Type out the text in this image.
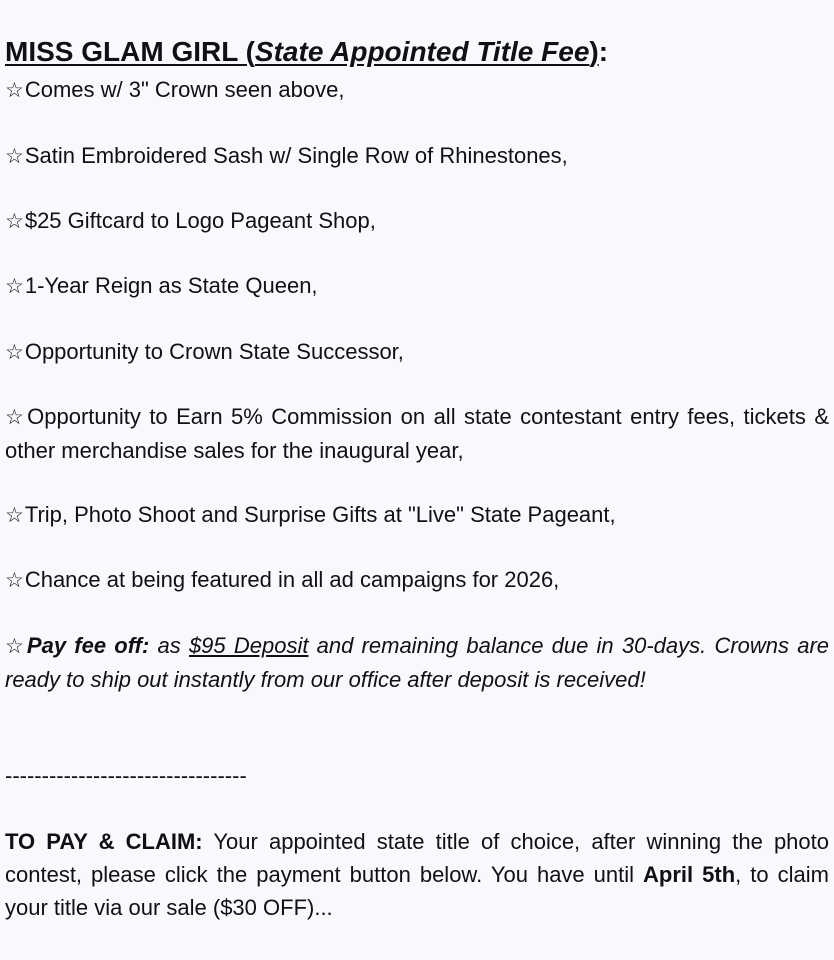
MISS GLAM GIRL (State Appointed Title Fee):

☆Comes w/ 3" Crown seen above,

☆Satin Embroidered Sash w/ Single Row of Rhinestones,

☆$25 Giftcard to Logo Pageant Shop,

☆1-Year Reign as State Queen,

☆Opportunity to Crown State Successor,

☆Opportunity to Earn 5% Commission on all state contestant entry fees, tickets & other merchandise sales for the inaugural year,

☆Trip, Photo Shoot and Surprise Gifts at "Live" State Pageant,

☆Chance at being featured in all ad campaigns for 2026,

☆Pay fee off: as $95 Deposit and remaining balance due in 30-days. Crowns are ready to ship out instantly from our office after deposit is received!

---------------------------------

TO PAY & CLAIM: Your appointed state title of choice, after winning the photo contest, please click the payment button below. You have until April 5th, to claim your title via our sale ($30 OFF)...
